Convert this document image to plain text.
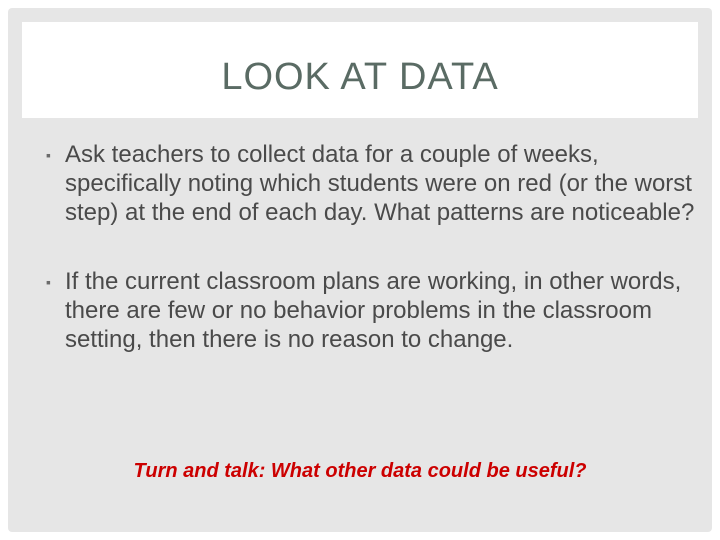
LOOK AT DATA
▪ Ask teachers to collect data for a couple of weeks, specifically noting which students were on red (or the worst step) at the end of each day. What patterns are noticeable?
▪ If the current classroom plans are working, in other words, there are few or no behavior problems in the classroom setting, then there is no reason to change.
Turn and talk: What other data could be useful?
